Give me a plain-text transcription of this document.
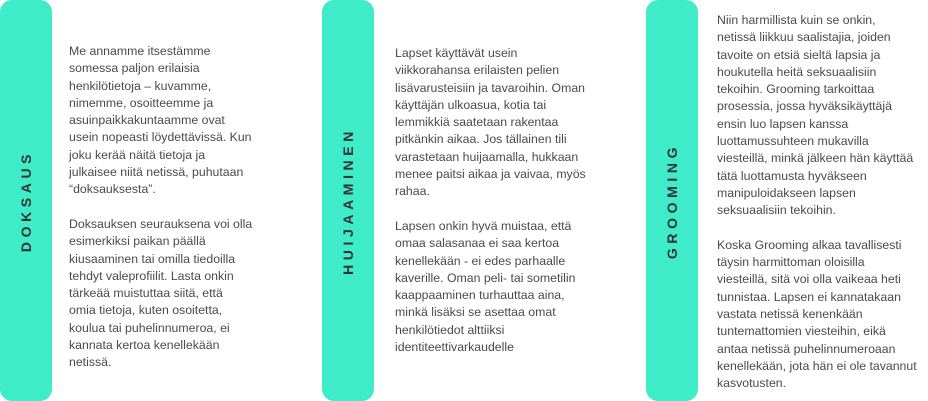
DOKSAUS

Me annamme itsestämme
somessa paljon erilaisia
henkilötietoja – kuvamme,
nimemme, osoitteemme ja
asuinpaikkakuntaamme ovat
usein nopeasti löydettävissä. Kun
joku kerää näitä tietoja ja
julkaisee niitä netissä, puhutaan
“doksauksesta”.

Doksauksen seurauksena voi olla
esimerkiksi paikan päällä
kiusaaminen tai omilla tiedoilla
tehdyt valeprofiilit. Lasta onkin
tärkeää muistuttaa siitä, että
omia tietoja, kuten osoitetta,
koulua tai puhelinnumeroa, ei
kannata kertoa kenellekään
netissä.

HUIJAAMINEN

Lapset käyttävät usein
viikkorahansa erilaisten pelien
lisävarusteisiin ja tavaroihin. Oman
käyttäjän ulkoasua, kotia tai
lemmikkiä saatetaan rakentaa
pitkänkin aikaa. Jos tällainen tili
varastetaan huijaamalla, hukkaan
menee paitsi aikaa ja vaivaa, myös
rahaa.

Lapsen onkin hyvä muistaa, että
omaa salasanaa ei saa kertoa
kenellekään - ei edes parhaalle
kaverille. Oman peli- tai sometilin
kaappaaminen turhauttaa aina,
minkä lisäksi se asettaa omat
henkilötiedot alttiiksi
identiteettivarkaudelle

GROOMING

Niin harmillista kuin se onkin,
netissä liikkuu saalistajia, joiden
tavoite on etsiä sieltä lapsia ja
houkutella heitä seksuaalisiin
tekoihin. Grooming tarkoittaa
prosessia, jossa hyväksikäyttäjä
ensin luo lapsen kanssa
luottamussuhteen mukavilla
viesteillä, minkä jälkeen hän käyttää
tätä luottamusta hyväkseen
manipuloidakseen lapsen
seksuaalisiin tekoihin.

Koska Grooming alkaa tavallisesti
täysin harmittoman oloisilla
viesteillä, sitä voi olla vaikeaa heti
tunnistaa. Lapsen ei kannatakaan
vastata netissä kenenkään
tuntemattomien viesteihin, eikä
antaa netissä puhelinnumeroaan
kenellekään, jota hän ei ole tavannut
kasvotusten.
